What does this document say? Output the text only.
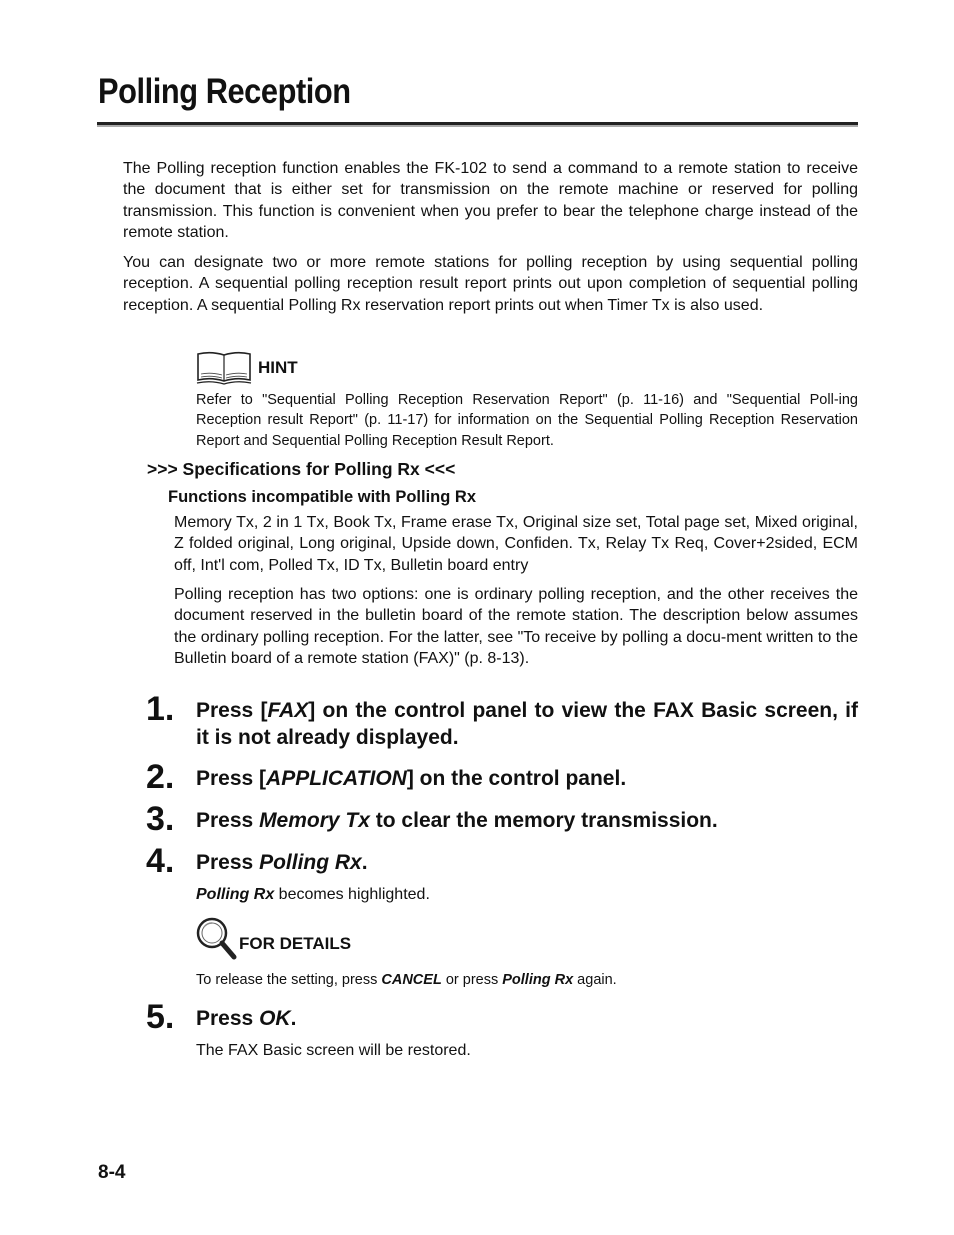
Polling Reception

The Polling reception function enables the FK-102 to send a command to a remote station to receive the document that is either set for transmission on the remote machine or reserved for polling transmission. This function is convenient when you prefer to bear the telephone charge instead of the remote station.

You can designate two or more remote stations for polling reception by using sequential polling reception. A sequential polling reception result report prints out upon completion of sequential polling reception. A sequential Polling Rx reservation report prints out when Timer Tx is also used.

HINT

Refer to "Sequential Polling Reception Reservation Report" (p. 11-16) and "Sequential Poll-ing Reception result Report" (p. 11-17) for information on the Sequential Polling Reception Reservation Report and Sequential Polling Reception Result Report.

>>> Specifications for Polling Rx <<<

Functions incompatible with Polling Rx

Memory Tx, 2 in 1 Tx, Book Tx, Frame erase Tx, Original size set, Total page set, Mixed original, Z folded original, Long original, Upside down, Confiden. Tx, Relay Tx Req, Cover+2sided, ECM off, Int'l com, Polled Tx, ID Tx, Bulletin board entry

Polling reception has two options: one is ordinary polling reception, and the other receives the document reserved in the bulletin board of the remote station. The description below assumes the ordinary polling reception. For the latter, see "To receive by polling a docu-ment written to the Bulletin board of a remote station (FAX)" (p. 8-13).

1. Press [FAX] on the control panel to view the FAX Basic screen, if it is not already displayed.

2. Press [APPLICATION] on the control panel.

3. Press Memory Tx to clear the memory transmission.

4. Press Polling Rx.

Polling Rx becomes highlighted.

FOR DETAILS

To release the setting, press CANCEL or press Polling Rx again.

5. Press OK.

The FAX Basic screen will be restored.

8-4
